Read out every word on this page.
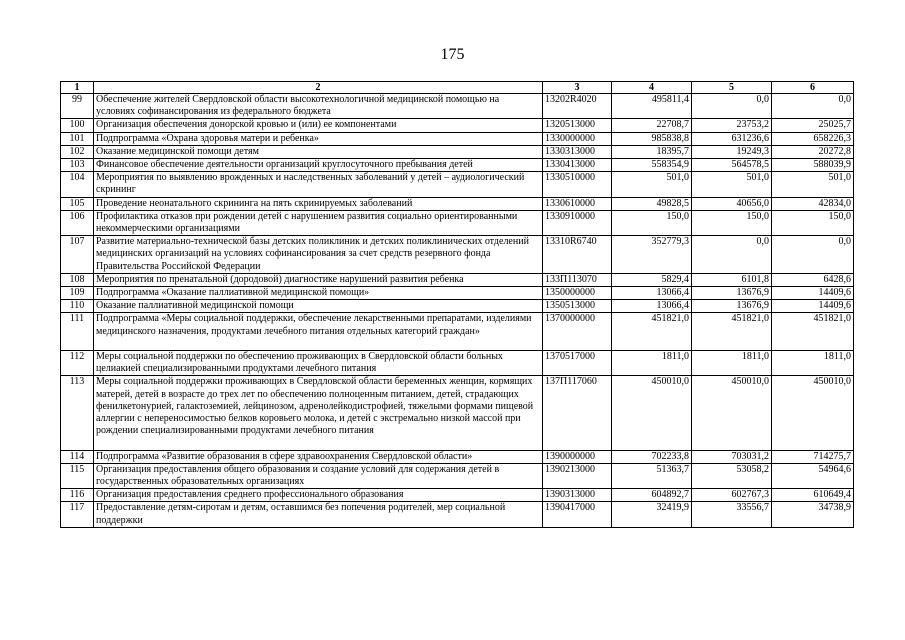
175
1	2	3	4	5	6
99	Обеспечение жителей Свердловской области высокотехнологичной медицинской помощью на условиях софинансирования из федерального бюджета	13202R4020	495811,4	0,0	0,0
100	Организация обеспечения донорской кровью и (или) ее компонентами	1320513000	22708,7	23753,2	25025,7
101	Подпрограмма «Охрана здоровья матери и ребенка»	1330000000	985838,8	631236,6	658226,3
102	Оказание медицинской помощи детям	1330313000	18395,7	19249,3	20272,8
103	Финансовое обеспечение деятельности организаций круглосуточного пребывания детей	1330413000	558354,9	564578,5	588039,9
104	Мероприятия по выявлению врожденных и наследственных заболеваний у детей – аудиологический скрининг	1330510000	501,0	501,0	501,0
105	Проведение неонатального скрининга на пять скринируемых заболеваний	1330610000	49828,5	40656,0	42834,0
106	Профилактика отказов при рождении детей с нарушением развития социально ориентированными некоммерческими организациями	1330910000	150,0	150,0	150,0
107	Развитие материально-технической базы детских поликлиник и детских поликлинических отделений медицинских организаций на условиях софинансирования за счет средств резервного фонда Правительства Российской Федерации	13310R6740	352779,3	0,0	0,0
108	Мероприятия по пренатальной (дородовой) диагностике нарушений развития ребенка	133П113070	5829,4	6101,8	6428,6
109	Подпрограмма «Оказание паллиативной медицинской помощи»	1350000000	13066,4	13676,9	14409,6
110	Оказание паллиативной медицинской помощи	1350513000	13066,4	13676,9	14409,6
111	Подпрограмма «Меры социальной поддержки, обеспечение лекарственными препаратами, изделиями медицинского назначения, продуктами лечебного питания отдельных категорий граждан»	1370000000	451821,0	451821,0	451821,0
112	Меры социальной поддержки по обеспечению проживающих в Свердловской области больных целиакией специализированными продуктами лечебного питания	1370517000	1811,0	1811,0	1811,0
113	Меры социальной поддержки проживающих в Свердловской области беременных женщин, кормящих матерей, детей в возрасте до трех лет по обеспечению полноценным питанием, детей, страдающих фенилкетонурией, галактоземией, лейцинозом, адренолейкодистрофией, тяжелыми формами пищевой аллергии с непереносимостью белков коровьего молока, и детей с экстремально низкой массой при рождении специализированными продуктами лечебного питания	137П117060	450010,0	450010,0	450010,0
114	Подпрограмма «Развитие образования в сфере здравоохранения Свердловской области»	1390000000	702233,8	703031,2	714275,7
115	Организация предоставления общего образования и создание условий для содержания детей в государственных образовательных организациях	1390213000	51363,7	53058,2	54964,6
116	Организация предоставления среднего профессионального образования	1390313000	604892,7	602767,3	610649,4
117	Предоставление детям-сиротам и детям, оставшимся без попечения родителей, мер социальной поддержки	1390417000	32419,9	33556,7	34738,9
